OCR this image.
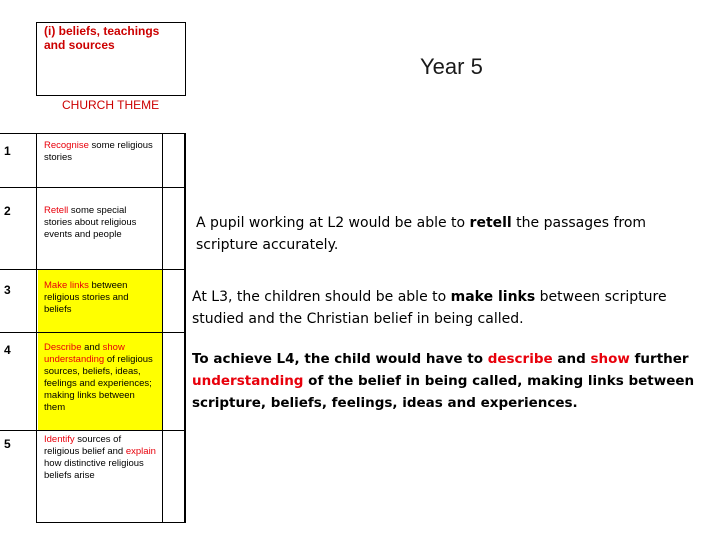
(i) beliefs, teachings and sources
Year 5
CHURCH THEME
1
2
3
4
5
Recognise some religious stories
Retell some special stories about religious events and people
Make links between religious stories and beliefs
Describe and show understanding of religious sources, beliefs, ideas, feelings and experiences; making links between them
Identify sources of religious belief and explain how distinctive religious beliefs arise
A pupil working at L2 would be able to retell the passages from scripture accurately.
At L3, the children should be able to make links between scripture studied and the Christian belief in being called.
To achieve L4, the child would have to describe and show further understanding of the belief in being called, making links between scripture, beliefs, feelings, ideas and experiences.
